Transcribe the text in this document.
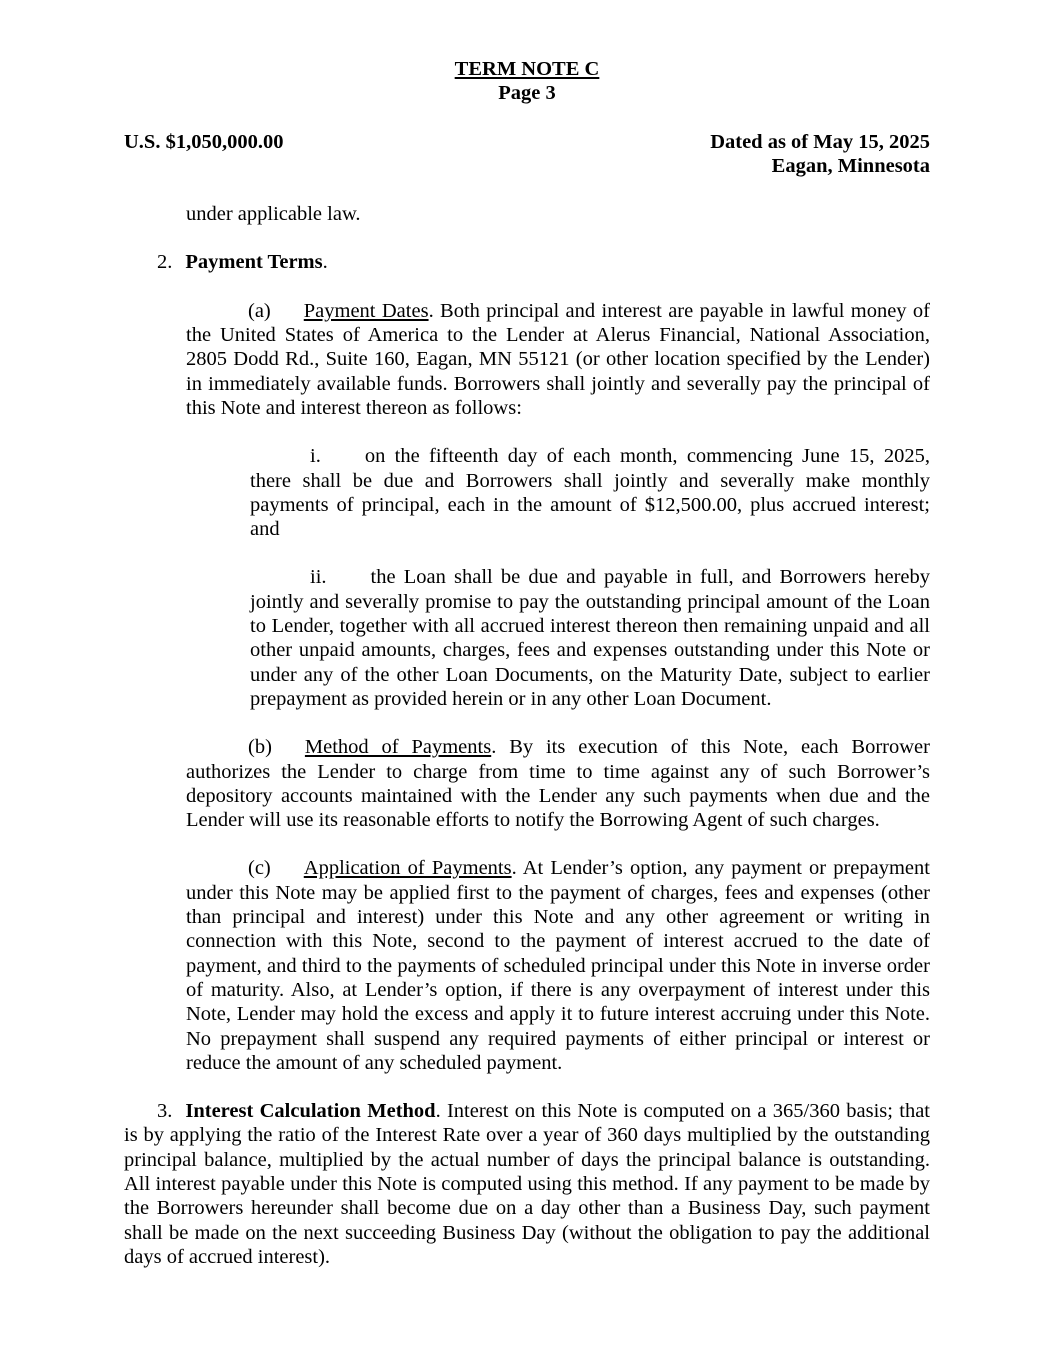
TERM NOTE C
Page 3
U.S. $1,050,000.00	Dated as of May 15, 2025
Eagan, Minnesota

under applicable law.

2. Payment Terms.

(a) Payment Dates. Both principal and interest are payable in lawful money of the United States of America to the Lender at Alerus Financial, National Association, 2805 Dodd Rd., Suite 160, Eagan, MN 55121 (or other location specified by the Lender) in immediately available funds. Borrowers shall jointly and severally pay the principal of this Note and interest thereon as follows:

i. on the fifteenth day of each month, commencing June 15, 2025, there shall be due and Borrowers shall jointly and severally make monthly payments of principal, each in the amount of $12,500.00, plus accrued interest; and

ii. the Loan shall be due and payable in full, and Borrowers hereby jointly and severally promise to pay the outstanding principal amount of the Loan to Lender, together with all accrued interest thereon then remaining unpaid and all other unpaid amounts, charges, fees and expenses outstanding under this Note or under any of the other Loan Documents, on the Maturity Date, subject to earlier prepayment as provided herein or in any other Loan Document.

(b) Method of Payments. By its execution of this Note, each Borrower authorizes the Lender to charge from time to time against any of such Borrower’s depository accounts maintained with the Lender any such payments when due and the Lender will use its reasonable efforts to notify the Borrowing Agent of such charges.

(c) Application of Payments. At Lender’s option, any payment or prepayment under this Note may be applied first to the payment of charges, fees and expenses (other than principal and interest) under this Note and any other agreement or writing in connection with this Note, second to the payment of interest accrued to the date of payment, and third to the payments of scheduled principal under this Note in inverse order of maturity. Also, at Lender’s option, if there is any overpayment of interest under this Note, Lender may hold the excess and apply it to future interest accruing under this Note. No prepayment shall suspend any required payments of either principal or interest or reduce the amount of any scheduled payment.

3. Interest Calculation Method. Interest on this Note is computed on a 365/360 basis; that is by applying the ratio of the Interest Rate over a year of 360 days multiplied by the outstanding principal balance, multiplied by the actual number of days the principal balance is outstanding. All interest payable under this Note is computed using this method. If any payment to be made by the Borrowers hereunder shall become due on a day other than a Business Day, such payment shall be made on the next succeeding Business Day (without the obligation to pay the additional days of accrued interest).
